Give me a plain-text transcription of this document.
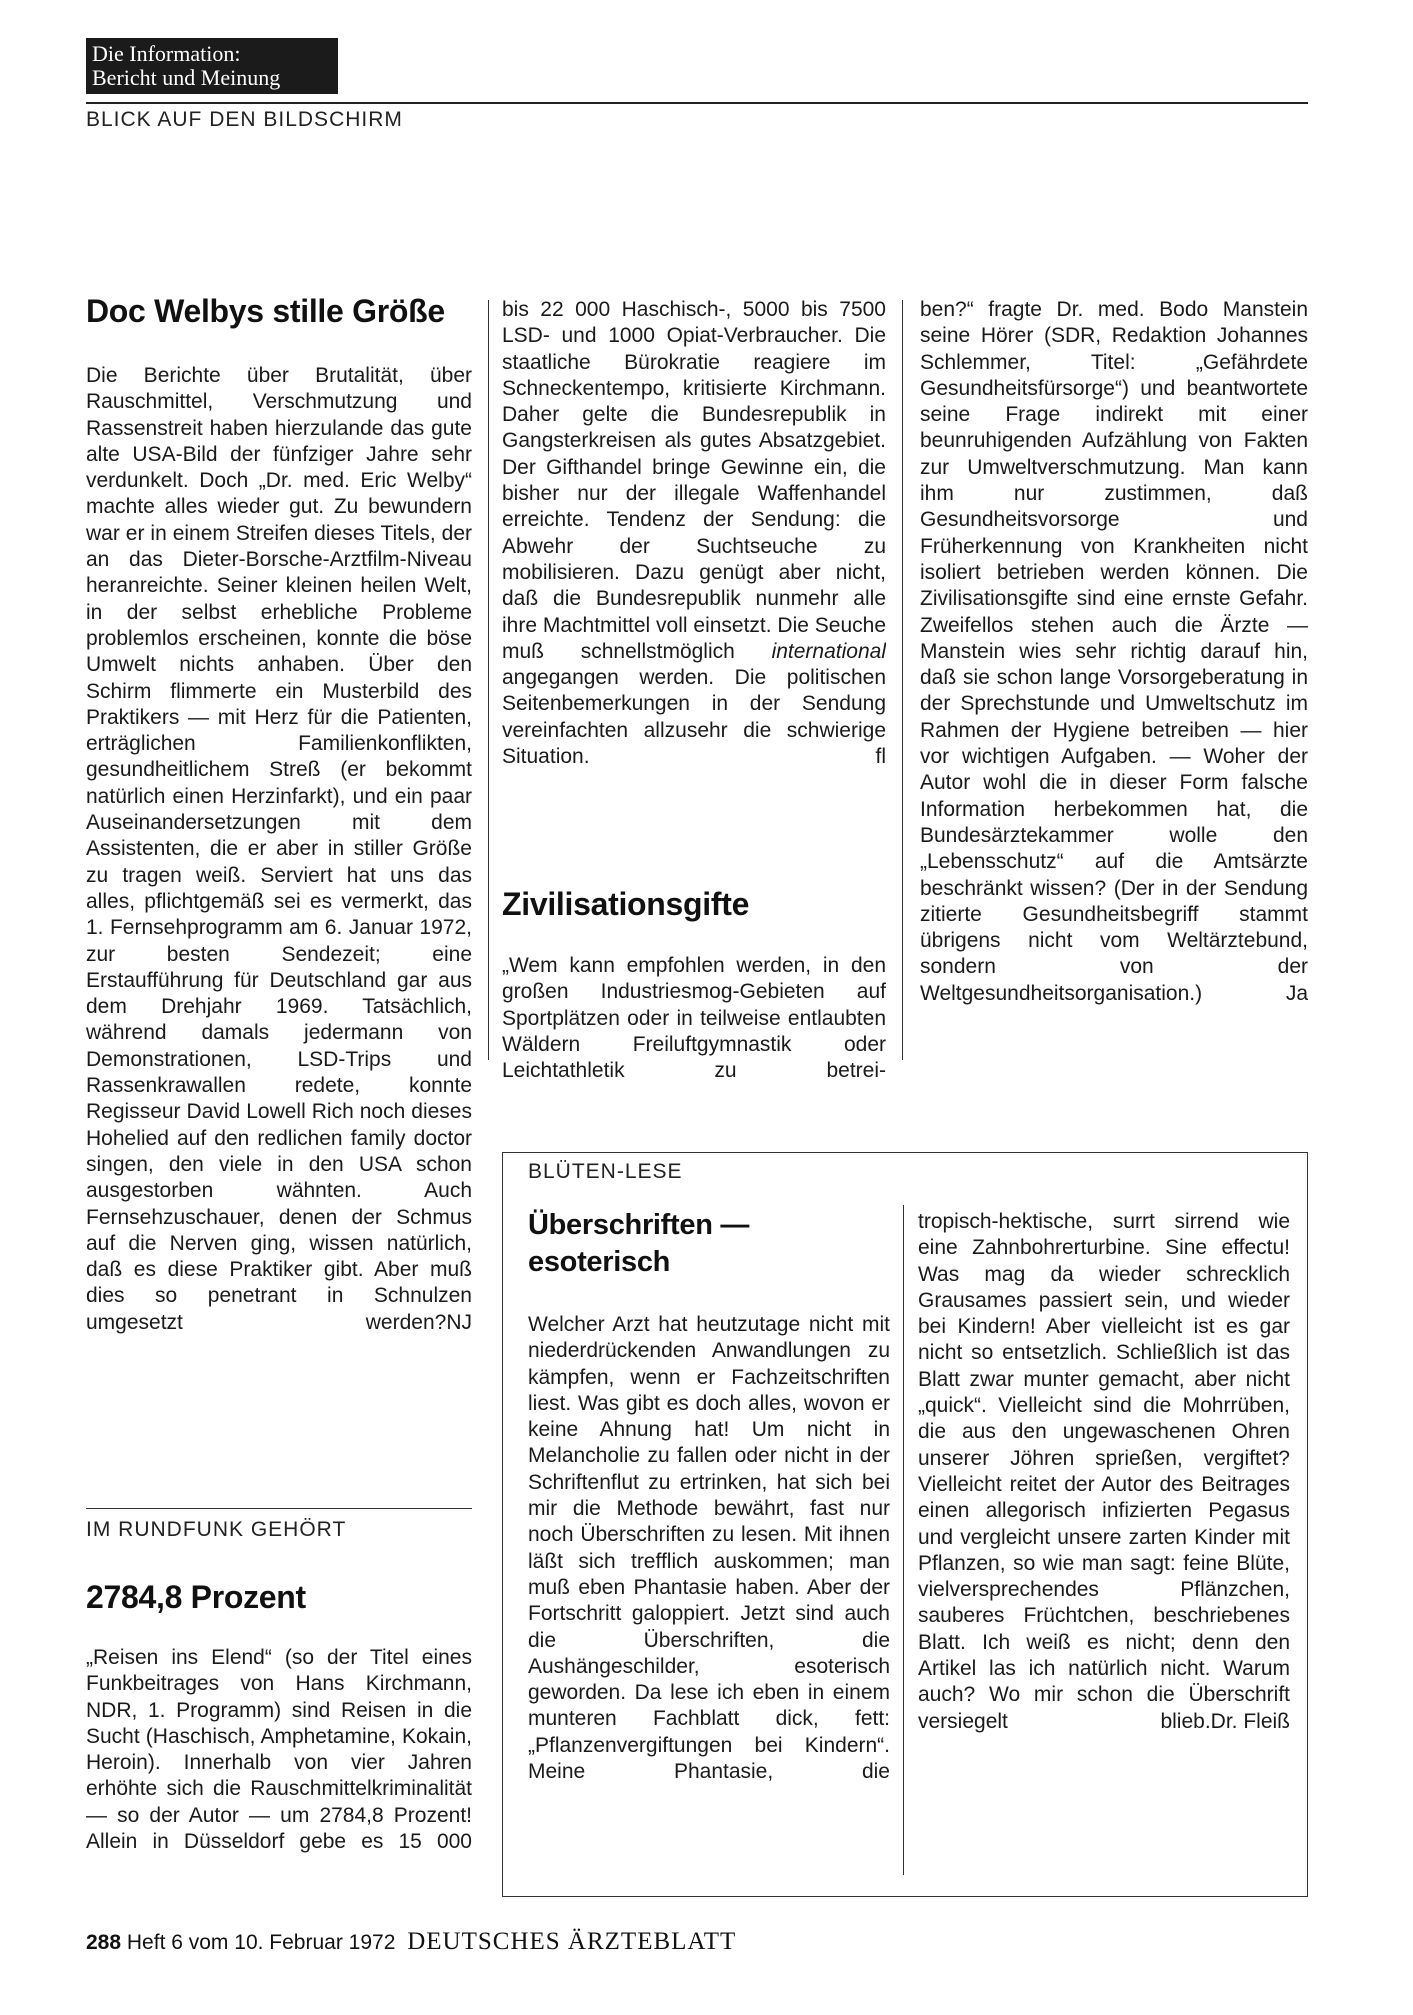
Die Information:
Bericht und Meinung
BLICK AUF DEN BILDSCHIRM
Doc Welbys stille Größe

Die Berichte über Brutalität, über Rauschmittel, Verschmutzung und Rassenstreit haben hierzulande das gute alte USA-Bild der fünfziger Jahre sehr verdunkelt. Doch „Dr. med. Eric Welby“ machte alles wieder gut. Zu bewundern war er in einem Streifen dieses Titels, der an das Dieter-Borsche-Arztfilm-Niveau heranreichte. Seiner kleinen heilen Welt, in der selbst erhebliche Probleme problemlos erscheinen, konnte die böse Umwelt nichts anhaben. Über den Schirm flimmerte ein Musterbild des Praktikers — mit Herz für die Patienten, erträglichen Familienkonflikten, gesundheitlichem Streß (er bekommt natürlich einen Herzinfarkt), und ein paar Auseinandersetzungen mit dem Assistenten, die er aber in stiller Größe zu tragen weiß. Serviert hat uns das alles, pflichtgemäß sei es vermerkt, das 1. Fernsehprogramm am 6. Januar 1972, zur besten Sendezeit; eine Erstaufführung für Deutschland gar aus dem Drehjahr 1969. Tatsächlich, während damals jedermann von Demonstrationen, LSD-Trips und Rassenkrawallen redete, konnte Regisseur David Lowell Rich noch dieses Hohelied auf den redlichen family doctor singen, den viele in den USA schon ausgestorben wähnten. Auch Fernsehzuschauer, denen der Schmus auf die Nerven ging, wissen natürlich, daß es diese Praktiker gibt. Aber muß dies so penetrant in Schnulzen umgesetzt werden? NJ

IM RUNDFUNK GEHÖRT
2784,8 Prozent

„Reisen ins Elend“ (so der Titel eines Funkbeitrages von Hans Kirchmann, NDR, 1. Programm) sind Reisen in die Sucht (Haschisch, Amphetamine, Kokain, Heroin). Innerhalb von vier Jahren erhöhte sich die Rauschmittelkriminalität — so der Autor — um 2784,8 Prozent! Allein in Düsseldorf gebe es 15 000

bis 22 000 Haschisch-, 5000 bis 7500 LSD- und 1000 Opiat-Verbraucher. Die staatliche Bürokratie reagiere im Schneckentempo, kritisierte Kirchmann. Daher gelte die Bundesrepublik in Gangsterkreisen als gutes Absatzgebiet. Der Gifthandel bringe Gewinne ein, die bisher nur der illegale Waffenhandel erreichte. Tendenz der Sendung: die Abwehr der Suchtseuche zu mobilisieren. Dazu genügt aber nicht, daß die Bundesrepublik nunmehr alle ihre Machtmittel voll einsetzt. Die Seuche muß schnellstmöglich international angegangen werden. Die politischen Seitenbemerkungen in der Sendung vereinfachten allzusehr die schwierige Situation.	fl

Zivilisationsgifte

„Wem kann empfohlen werden, in den großen Industriesmog-Gebieten auf Sportplätzen oder in teilweise entlaubten Wäldern Freiluftgymnastik oder Leichtathletik zu betrei-

ben?“ fragte Dr. med. Bodo Manstein seine Hörer (SDR, Redaktion Johannes Schlemmer, Titel: „Gefährdete Gesundheitsfürsorge“) und beantwortete seine Frage indirekt mit einer beunruhigenden Aufzählung von Fakten zur Umweltverschmutzung. Man kann ihm nur zustimmen, daß Gesundheitsvorsorge und Früherkennung von Krankheiten nicht isoliert betrieben werden können. Die Zivilisationsgifte sind eine ernste Gefahr. Zweifellos stehen auch die Ärzte — Manstein wies sehr richtig darauf hin, daß sie schon lange Vorsorgeberatung in der Sprechstunde und Umweltschutz im Rahmen der Hygiene betreiben — hier vor wichtigen Aufgaben. — Woher der Autor wohl die in dieser Form falsche Information herbekommen hat, die Bundesärztekammer wolle den „Lebensschutz“ auf die Amtsärzte beschränkt wissen? (Der in der Sendung zitierte Gesundheitsbegriff stammt übrigens nicht vom Weltärztebund, sondern von der Weltgesundheitsorganisation.)	Ja

BLÜTEN-LESE
Überschriften —
esoterisch

Welcher Arzt hat heutzutage nicht mit niederdrückenden Anwandlungen zu kämpfen, wenn er Fachzeitschriften liest. Was gibt es doch alles, wovon er keine Ahnung hat! Um nicht in Melancholie zu fallen oder nicht in der Schriftenflut zu ertrinken, hat sich bei mir die Methode bewährt, fast nur noch Überschriften zu lesen. Mit ihnen läßt sich trefflich auskommen; man muß eben Phantasie haben. Aber der Fortschritt galoppiert. Jetzt sind auch die Überschriften, die Aushängeschilder, esoterisch geworden. Da lese ich eben in einem munteren Fachblatt dick, fett: „Pflanzenvergiftungen bei Kindern“. Meine Phantasie, die

tropisch-hektische, surrt sirrend wie eine Zahnbohrerturbine. Sine effectu! Was mag da wieder schrecklich Grausames passiert sein, und wieder bei Kindern! Aber vielleicht ist es gar nicht so entsetzlich. Schließlich ist das Blatt zwar munter gemacht, aber nicht „quick“. Vielleicht sind die Mohrrüben, die aus den ungewaschenen Ohren unserer Jöhren sprießen, vergiftet? Vielleicht reitet der Autor des Beitrages einen allegorisch infizierten Pegasus und vergleicht unsere zarten Kinder mit Pflanzen, so wie man sagt: feine Blüte, vielversprechendes Pflänzchen, sauberes Früchtchen, beschriebenes Blatt. Ich weiß es nicht; denn den Artikel las ich natürlich nicht. Warum auch? Wo mir schon die Überschrift versiegelt blieb. Dr. Fleiß

288 Heft 6 vom 10. Februar 1972 DEUTSCHES ÄRZTEBLATT
